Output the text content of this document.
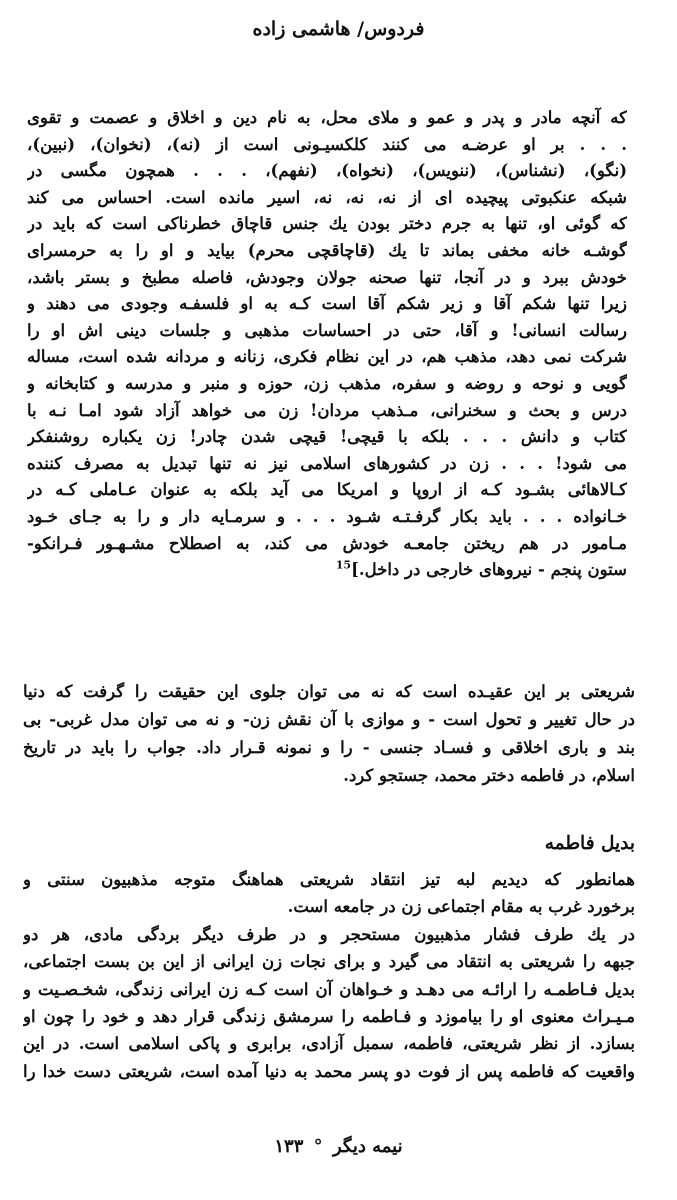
فردوس/ هاشمی زاده
که آنچه مادر و پدر و عمو و ملای محل، به نام دین و اخلاق و عصمت و تقوی
. . . بر او عرضـه می کنند کلکسیـونی است از (نه)، (نخوان)، (نبین)،
(نگو)، (نشناس)، (ننویس)، (نخواه)، (نفهم)، . . . همچون مگسی در
شبکه عنکبوتی پیچیده ای از نه، نه، نه، اسیر مانده است. احساس می کند
که گوئی او، تنها به جرم دختر بودن یك جنس قاچاق خطرناکی است که باید در
گوشـه خانه مخفی بماند تا یك (قاچاقچی محرم) بیاید و او را به حرمسرای
خودش ببرد و در آنجا، تنها صحنه جولان وجودش، فاصله مطبخ و بستر باشد،
زیرا تنها شکم آقا و زیر شکم آقا است کـه به او فلسفـه وجودی می دهند و
رسالت انسانی! و آقا، حتی در احساسات مذهبی و جلسات دینی اش او را
شرکت نمی دهد، مذهب هم، در این نظام فکری، زنانه و مردانه شده است، مساله
گویی و نوحه و روضه و سفره، مذهب زن، حوزه و منبر و مدرسه و کتابخانه و
درس و بحث و سخنرانی، مـذهب مردان! زن می خواهد آزاد شود امـا نـه با
کتاب و دانش . . . بلکه با قیچی! قیچی شدن چادر! زن یکباره روشنفکر
می شود! . . . زن در کشورهای اسلامی نیز نه تنها تبدیل به مصرف کننده
کـالاهائی بشـود کـه از اروپا و امریکا می آید بلکه به عنوان عـاملی کـه در
خـانواده . . . باید بکار گرفـتـه شـود . . . و سرمـایه دار و را به جـای خـود
مـامور در هم ریختن جامعـه خودش می کند، به اصطلاح مشـهـور فـرانکو-
ستون پنجم - نیروهای خارجی در داخل.]$^{15}$
شریعتی بر این عقیـده است که نه می توان جلوی این حقیقت را گرفت که دنیا
در حال تغییر و تحول است - و موازی با آن نقش زن- و نه می توان مدل غربی- بی
بند و باری اخلاقی و فسـاد جنسی - را و نمونه قـرار داد. جواب را باید در تاریخ
اسلام، در فاطمه دختر محمد، جستجو کرد.
بدیل فاطمه
همانطور که دیدیم لبه تیز انتقاد شریعتی هماهنگ متوجه مذهبیون سنتی و
برخورد غرب به مقام اجتماعی زن در جامعه است.
در یك طرف فشار مذهبیون مستحجر و در طرف دیگر بردگی مادی، هر دو
جبهه را شریعتی به انتقاد می گیرد و برای نجات زن ایرانی از این بن بست اجتماعی،
بدیل فـاطمـه را ارائـه می دهـد و خـواهان آن است کـه زن ایرانی زندگی، شخـصـیت و
مـیـراث معنوی او را بیاموزد و فـاطمه را سرمشق زندگی قرار دهد و خود را چون او
بسازد. از نظر شریعتی، فاطمه، سمبل آزادی، برابری و پاکی اسلامی است. در این
واقعیت که فاطمه پس از فوت دو پسر محمد به دنیا آمده است، شریعتی دست خدا را
نیمه دیگر ° ۱۳۳
